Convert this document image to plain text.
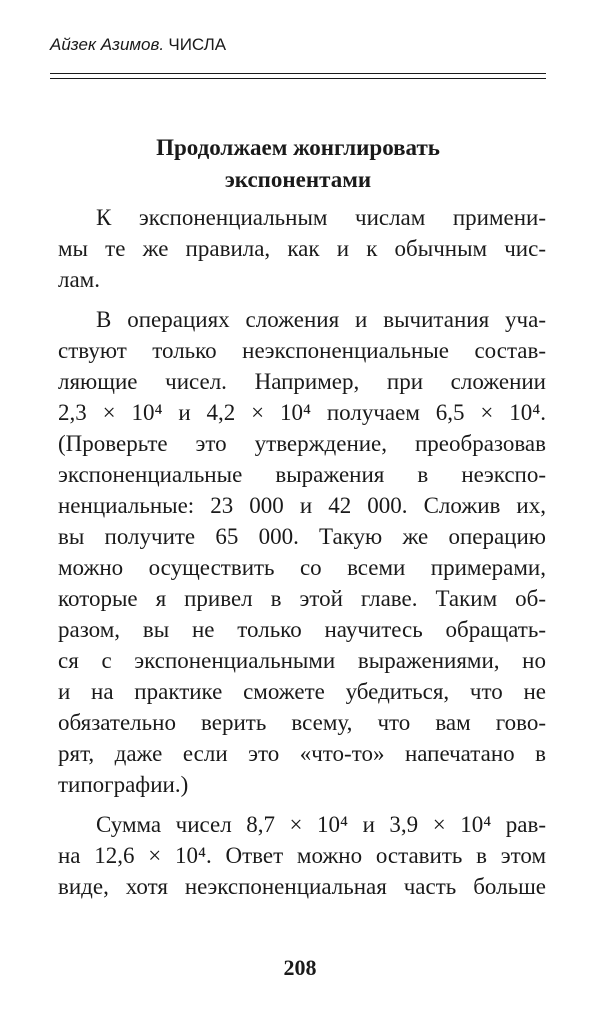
Айзек Азимов. ЧИСЛА
Продолжаем жонглировать
экспонентами
К экспоненциальным числам примени-
мы те же правила, как и к обычным чис-
лам.
В операциях сложения и вычитания уча-
ствуют только неэкспоненциальные состав-
ляющие чисел. Например, при сложении
2,3 × 10⁴ и 4,2 × 10⁴ получаем 6,5 × 10⁴.
(Проверьте это утверждение, преобразовав
экспоненциальные выражения в неэкспо-
ненциальные: 23 000 и 42 000. Сложив их,
вы получите 65 000. Такую же операцию
можно осуществить со всеми примерами,
которые я привел в этой главе. Таким об-
разом, вы не только научитесь обращать-
ся с экспоненциальными выражениями, но
и на практике сможете убедиться, что не
обязательно верить всему, что вам гово-
рят, даже если это «что-то» напечатано в
типографии.)
Сумма чисел 8,7 × 10⁴ и 3,9 × 10⁴ рав-
на 12,6 × 10⁴. Ответ можно оставить в этом
виде, хотя неэкспоненциальная часть больше
208
